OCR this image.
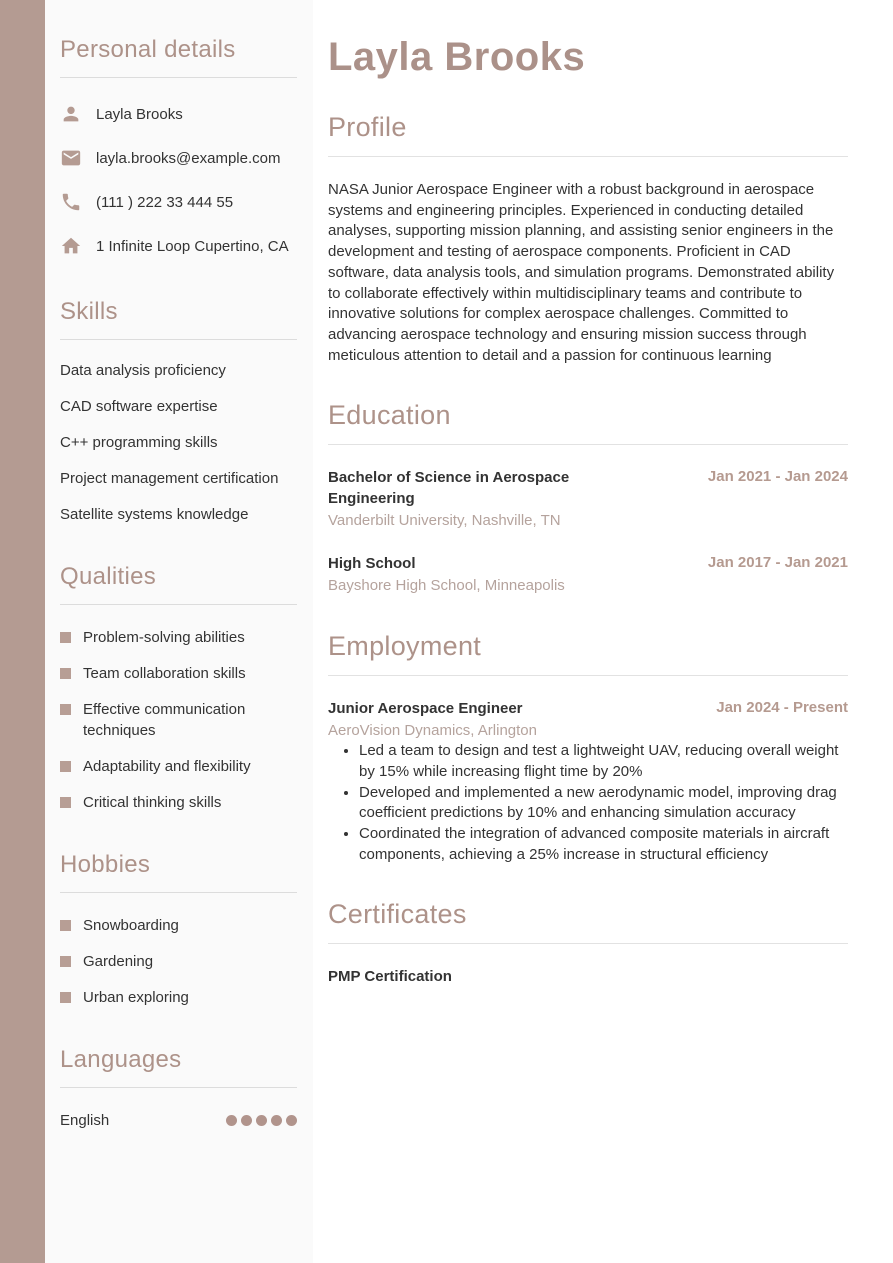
Personal details
Layla Brooks
layla.brooks@example.com
(111 ) 222 33 444 55
1 Infinite Loop Cupertino, CA
Skills
Data analysis proficiency
CAD software expertise
C++ programming skills
Project management certification
Satellite systems knowledge
Qualities
Problem-solving abilities
Team collaboration skills
Effective communication techniques
Adaptability and flexibility
Critical thinking skills
Hobbies
Snowboarding
Gardening
Urban exploring
Languages
English
Layla Brooks
Profile

NASA Junior Aerospace Engineer with a robust background in aerospace systems and engineering principles. Experienced in conducting detailed analyses, supporting mission planning, and assisting senior engineers in the development and testing of aerospace components. Proficient in CAD software, data analysis tools, and simulation programs. Demonstrated ability to collaborate effectively within multidisciplinary teams and contribute to innovative solutions for complex aerospace challenges. Committed to advancing aerospace technology and ensuring mission success through meticulous attention to detail and a passion for continuous learning

Education
Bachelor of Science in Aerospace Engineering
Vanderbilt University, Nashville, TN
Jan 2021 - Jan 2024
High School
Bayshore High School, Minneapolis
Jan 2017 - Jan 2021
Employment
Junior Aerospace Engineer	Jan 2024 - Present
AeroVision Dynamics, Arlington
• Led a team to design and test a lightweight UAV, reducing overall weight by 15% while increasing flight time by 20%
• Developed and implemented a new aerodynamic model, improving drag coefficient predictions by 10% and enhancing simulation accuracy
• Coordinated the integration of advanced composite materials in aircraft components, achieving a 25% increase in structural efficiency
Certificates
PMP Certification
